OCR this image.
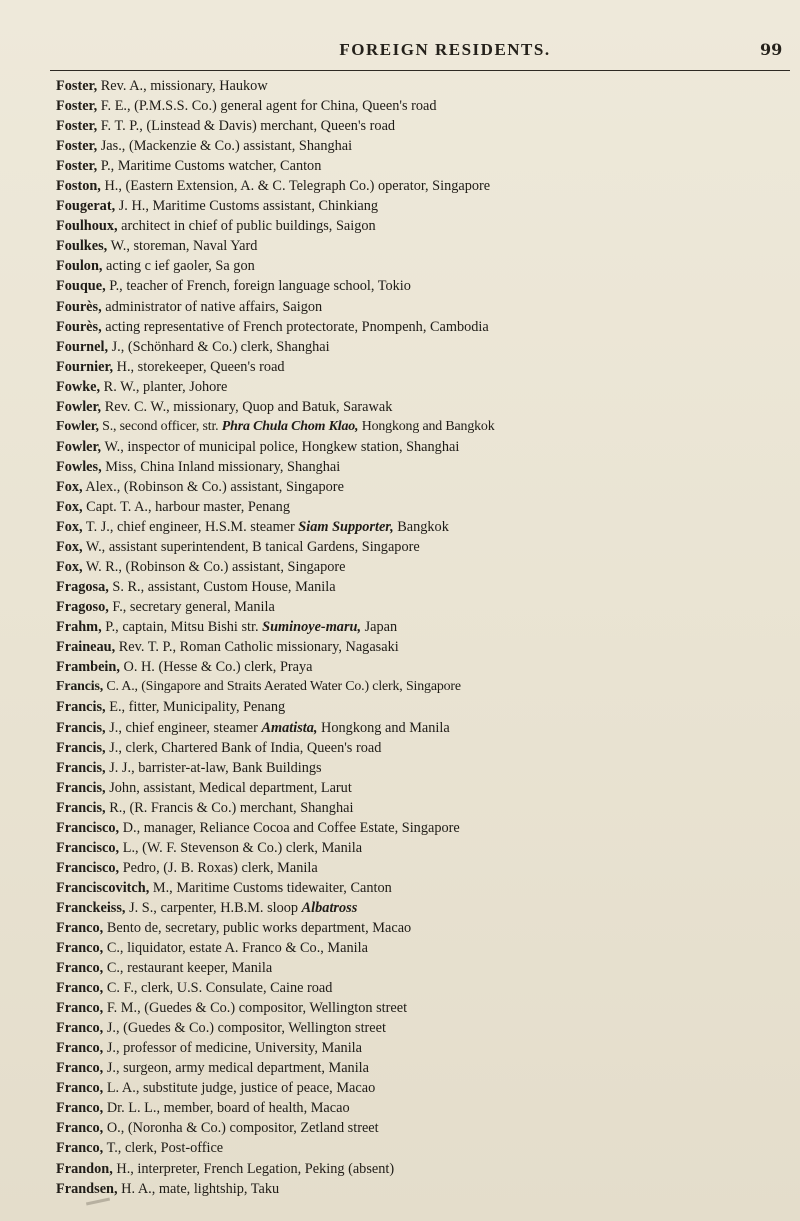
FOREIGN RESIDENTS.	99
Foster, Rev. A., missionary, Haukow
Foster, F. E., (P.M.S.S. Co.) general agent for China, Queen's road
Foster, F. T. P., (Linstead & Davis) merchant, Queen's road
Foster, Jas., (Mackenzie & Co.) assistant, Shanghai
Foster, P., Maritime Customs watcher, Canton
Foston, H., (Eastern Extension, A. & C. Telegraph Co.) operator, Singapore
Fougerat, J. H., Maritime Customs assistant, Chinkiang
Foulhoux, architect in chief of public buildings, Saigon
Foulkes, W., storeman, Naval Yard
Foulon, acting c ief gaoler, Sa gon
Fouque, P., teacher of French, foreign language school, Tokio
Fourès, administrator of native affairs, Saigon
Fourès, acting representative of French protectorate, Pnompenh, Cambodia
Fournel, J., (Schönhard & Co.) clerk, Shanghai
Fournier, H., storekeeper, Queen's road
Fowke, R. W., planter, Johore
Fowler, Rev. C. W., missionary, Quop and Batuk, Sarawak
Fowler, S., second officer, str. Phra Chula Chom Klao, Hongkong and Bangkok
Fowler, W., inspector of municipal police, Hongkew station, Shanghai
Fowles, Miss, China Inland missionary, Shanghai
Fox, Alex., (Robinson & Co.) assistant, Singapore
Fox, Capt. T. A., harbour master, Penang
Fox, T. J., chief engineer, H.S.M. steamer Siam Supporter, Bangkok
Fox, W., assistant superintendent, B tanical Gardens, Singapore
Fox, W. R., (Robinson & Co.) assistant, Singapore
Fragosa, S. R., assistant, Custom House, Manila
Fragoso, F., secretary general, Manila
Frahm, P., captain, Mitsu Bishi str. Suminoye-maru, Japan
Fraineau, Rev. T. P., Roman Catholic missionary, Nagasaki
Frambein, O. H. (Hesse & Co.) clerk, Praya
Francis, C. A., (Singapore and Straits Aerated Water Co.) clerk, Singapore
Francis, E., fitter, Municipality, Penang
Francis, J., chief engineer, steamer Amatista, Hongkong and Manila
Francis, J., clerk, Chartered Bank of India, Queen's road
Francis, J. J., barrister-at-law, Bank Buildings
Francis, John, assistant, Medical department, Larut
Francis, R., (R. Francis & Co.) merchant, Shanghai
Francisco, D., manager, Reliance Cocoa and Coffee Estate, Singapore
Francisco, L., (W. F. Stevenson & Co.) clerk, Manila
Francisco, Pedro, (J. B. Roxas) clerk, Manila
Franciscovitch, M., Maritime Customs tidewaiter, Canton
Franckeiss, J. S., carpenter, H.B.M. sloop Albatross
Franco, Bento de, secretary, public works department, Macao
Franco, C., liquidator, estate A. Franco & Co., Manila
Franco, C., restaurant keeper, Manila
Franco, C. F., clerk, U.S. Consulate, Caine road
Franco, F. M., (Guedes & Co.) compositor, Wellington street
Franco, J., (Guedes & Co.) compositor, Wellington street
Franco, J., professor of medicine, University, Manila
Franco, J., surgeon, army medical department, Manila
Franco, L. A., substitute judge, justice of peace, Macao
Franco, Dr. L. L., member, board of health, Macao
Franco, O., (Noronha & Co.) compositor, Zetland street
Franco, T., clerk, Post-office
Frandon, H., interpreter, French Legation, Peking (absent)
Frandsen, H. A., mate, lightship, Taku
